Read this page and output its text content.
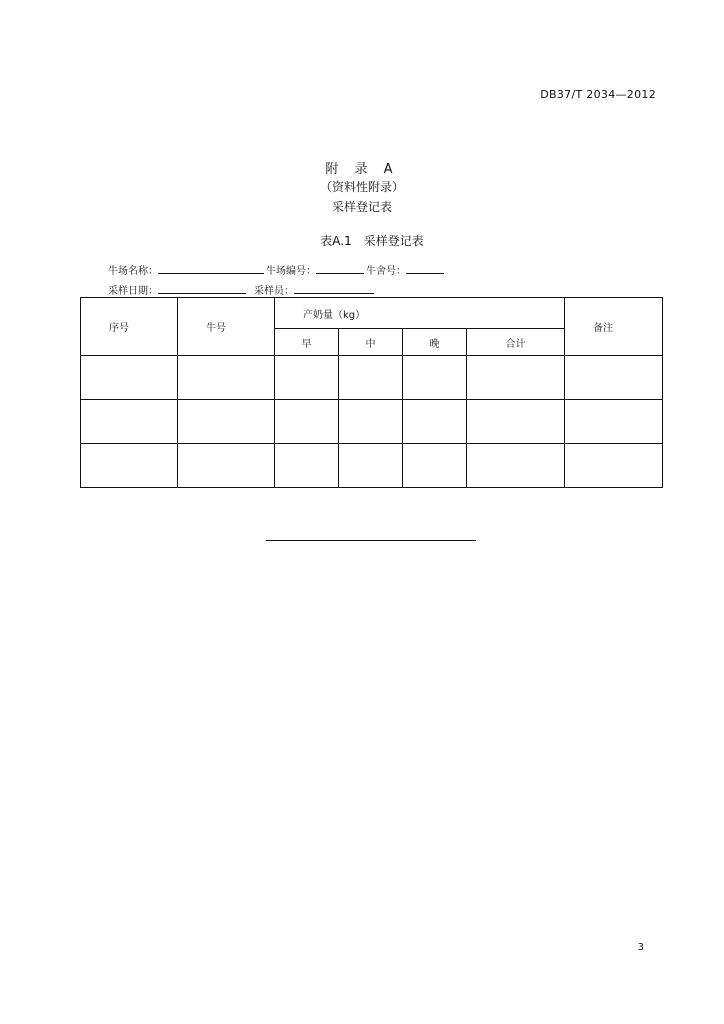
DB37/T 2034—2012
附 录 A
（资料性附录）
采样登记表
表A.1　采样登记表
牛场名称：	牛场编号：	牛舍号：
采样日期：	采样员：
序号	牛号	产奶量（kg）				备注
		早	中	晚	合计	

3
